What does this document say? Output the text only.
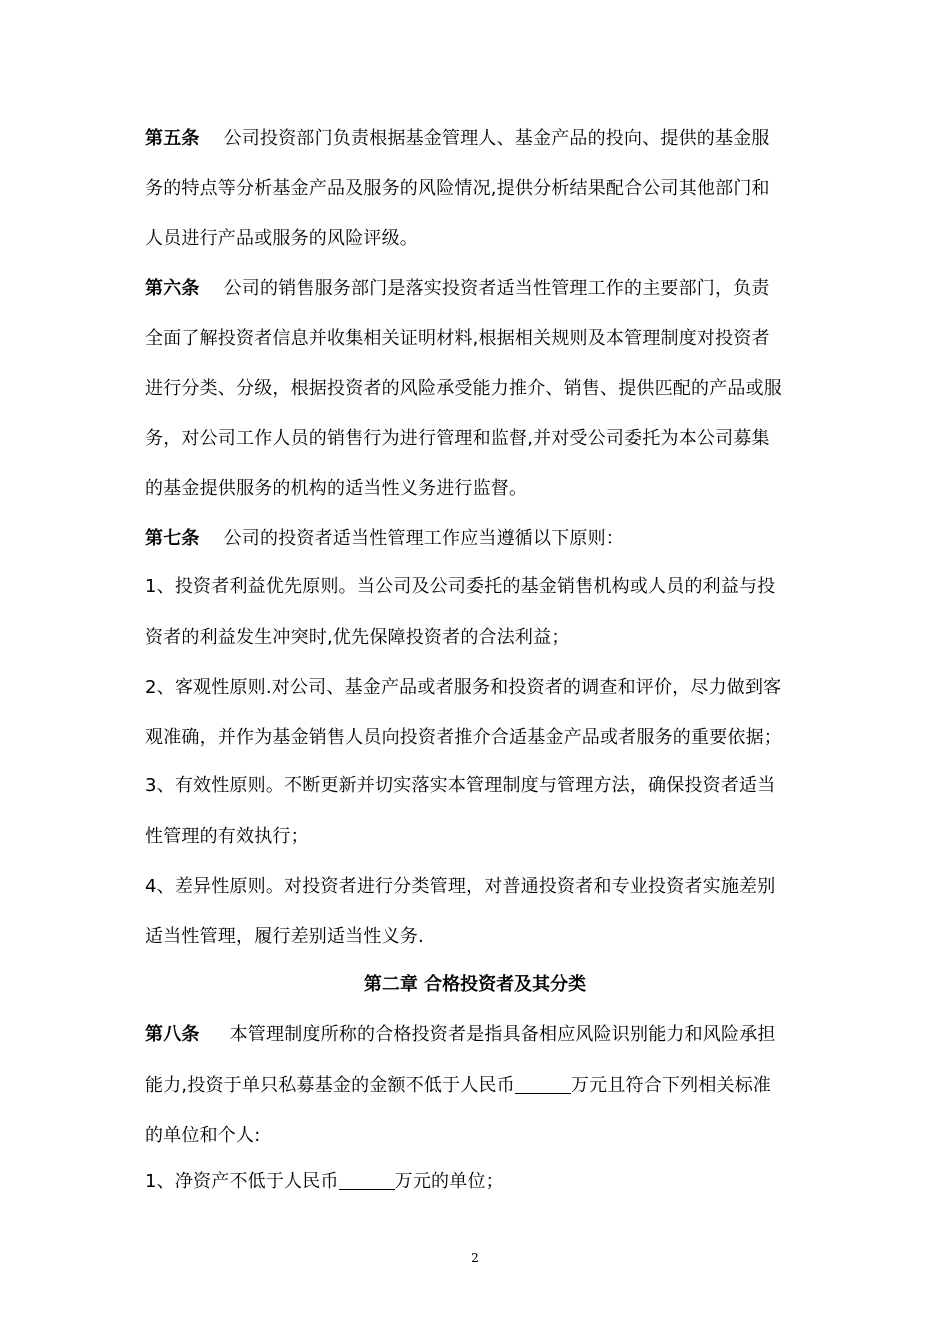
第五条 公司投资部门负责根据基金管理人、基金产品的投向、提供的基金服
务的特点等分析基金产品及服务的风险情况,提供分析结果配合公司其他部门和
人员进行产品或服务的风险评级。
第六条 公司的销售服务部门是落实投资者适当性管理工作的主要部门，负责
全面了解投资者信息并收集相关证明材料,根据相关规则及本管理制度对投资者
进行分类、分级，根据投资者的风险承受能力推介、销售、提供匹配的产品或服
务，对公司工作人员的销售行为进行管理和监督,并对受公司委托为本公司募集
的基金提供服务的机构的适当性义务进行监督。
第七条 公司的投资者适当性管理工作应当遵循以下原则：
1、投资者利益优先原则。当公司及公司委托的基金销售机构或人员的利益与投
资者的利益发生冲突时,优先保障投资者的合法利益；
2、客观性原则.对公司、基金产品或者服务和投资者的调查和评价，尽力做到客
观准确，并作为基金销售人员向投资者推介合适基金产品或者服务的重要依据；
3、有效性原则。不断更新并切实落实本管理制度与管理方法，确保投资者适当
性管理的有效执行；
4、差异性原则。对投资者进行分类管理，对普通投资者和专业投资者实施差别
适当性管理，履行差别适当性义务.
第二章 合格投资者及其分类
第八条 本管理制度所称的合格投资者是指具备相应风险识别能力和风险承担
能力,投资于单只私募基金的金额不低于人民币	万元且符合下列相关标准
的单位和个人:
1、净资产不低于人民币	万元的单位；
2
